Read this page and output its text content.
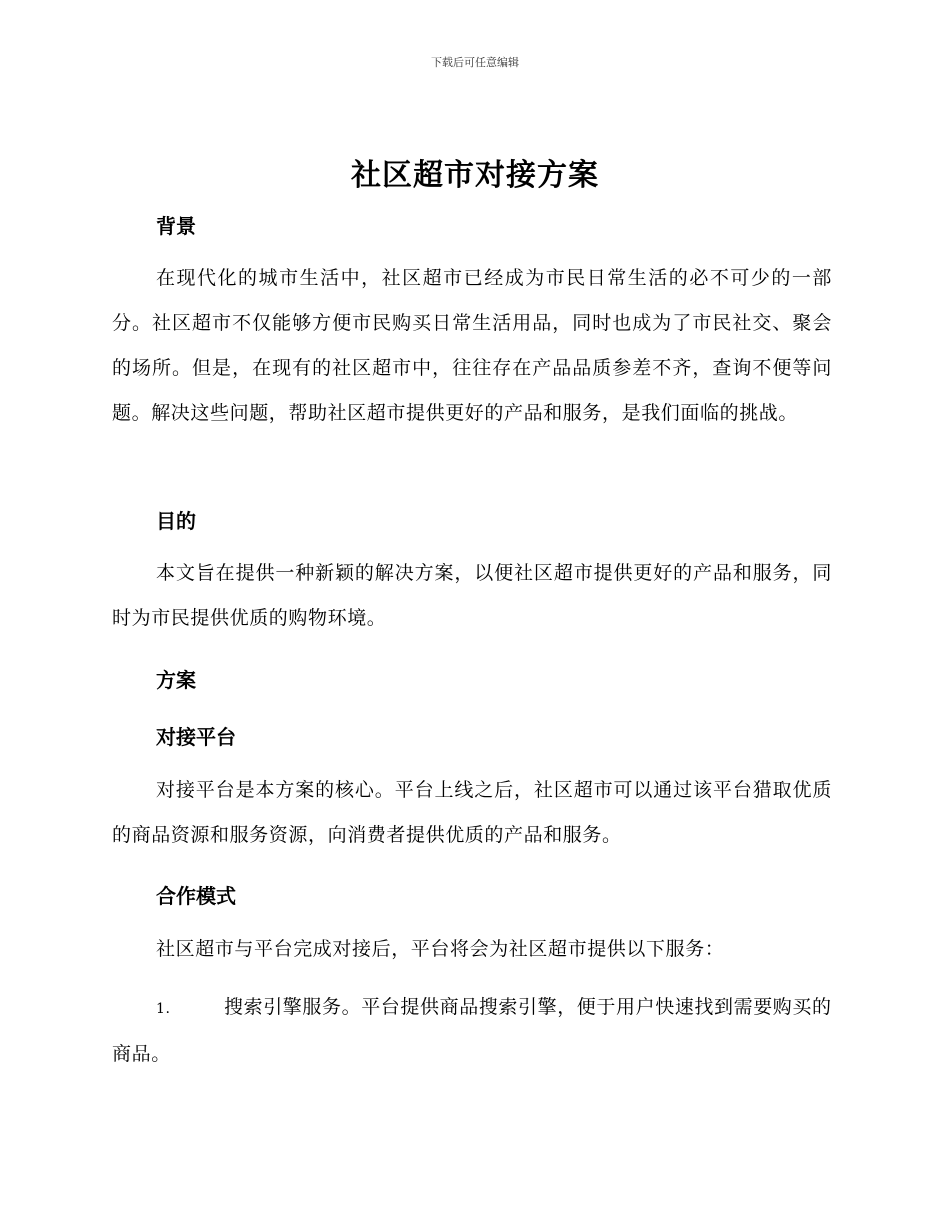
下载后可任意编辑
社区超市对接方案
背景

在现代化的城市生活中，社区超市已经成为市民日常生活的必不可少的一部分。社区超市不仅能够方便市民购买日常生活用品，同时也成为了市民社交、聚会的场所。但是，在现有的社区超市中，往往存在产品品质参差不齐，查询不便等问题。解决这些问题，帮助社区超市提供更好的产品和服务，是我们面临的挑战。

目的

本文旨在提供一种新颖的解决方案，以便社区超市提供更好的产品和服务，同时为市民提供优质的购物环境。

方案
对接平台

对接平台是本方案的核心。平台上线之后，社区超市可以通过该平台猎取优质的商品资源和服务资源，向消费者提供优质的产品和服务。

合作模式

社区超市与平台完成对接后，平台将会为社区超市提供以下服务：

1.	搜索引擎服务。平台提供商品搜索引擎，便于用户快速找到需要购买的商品。
